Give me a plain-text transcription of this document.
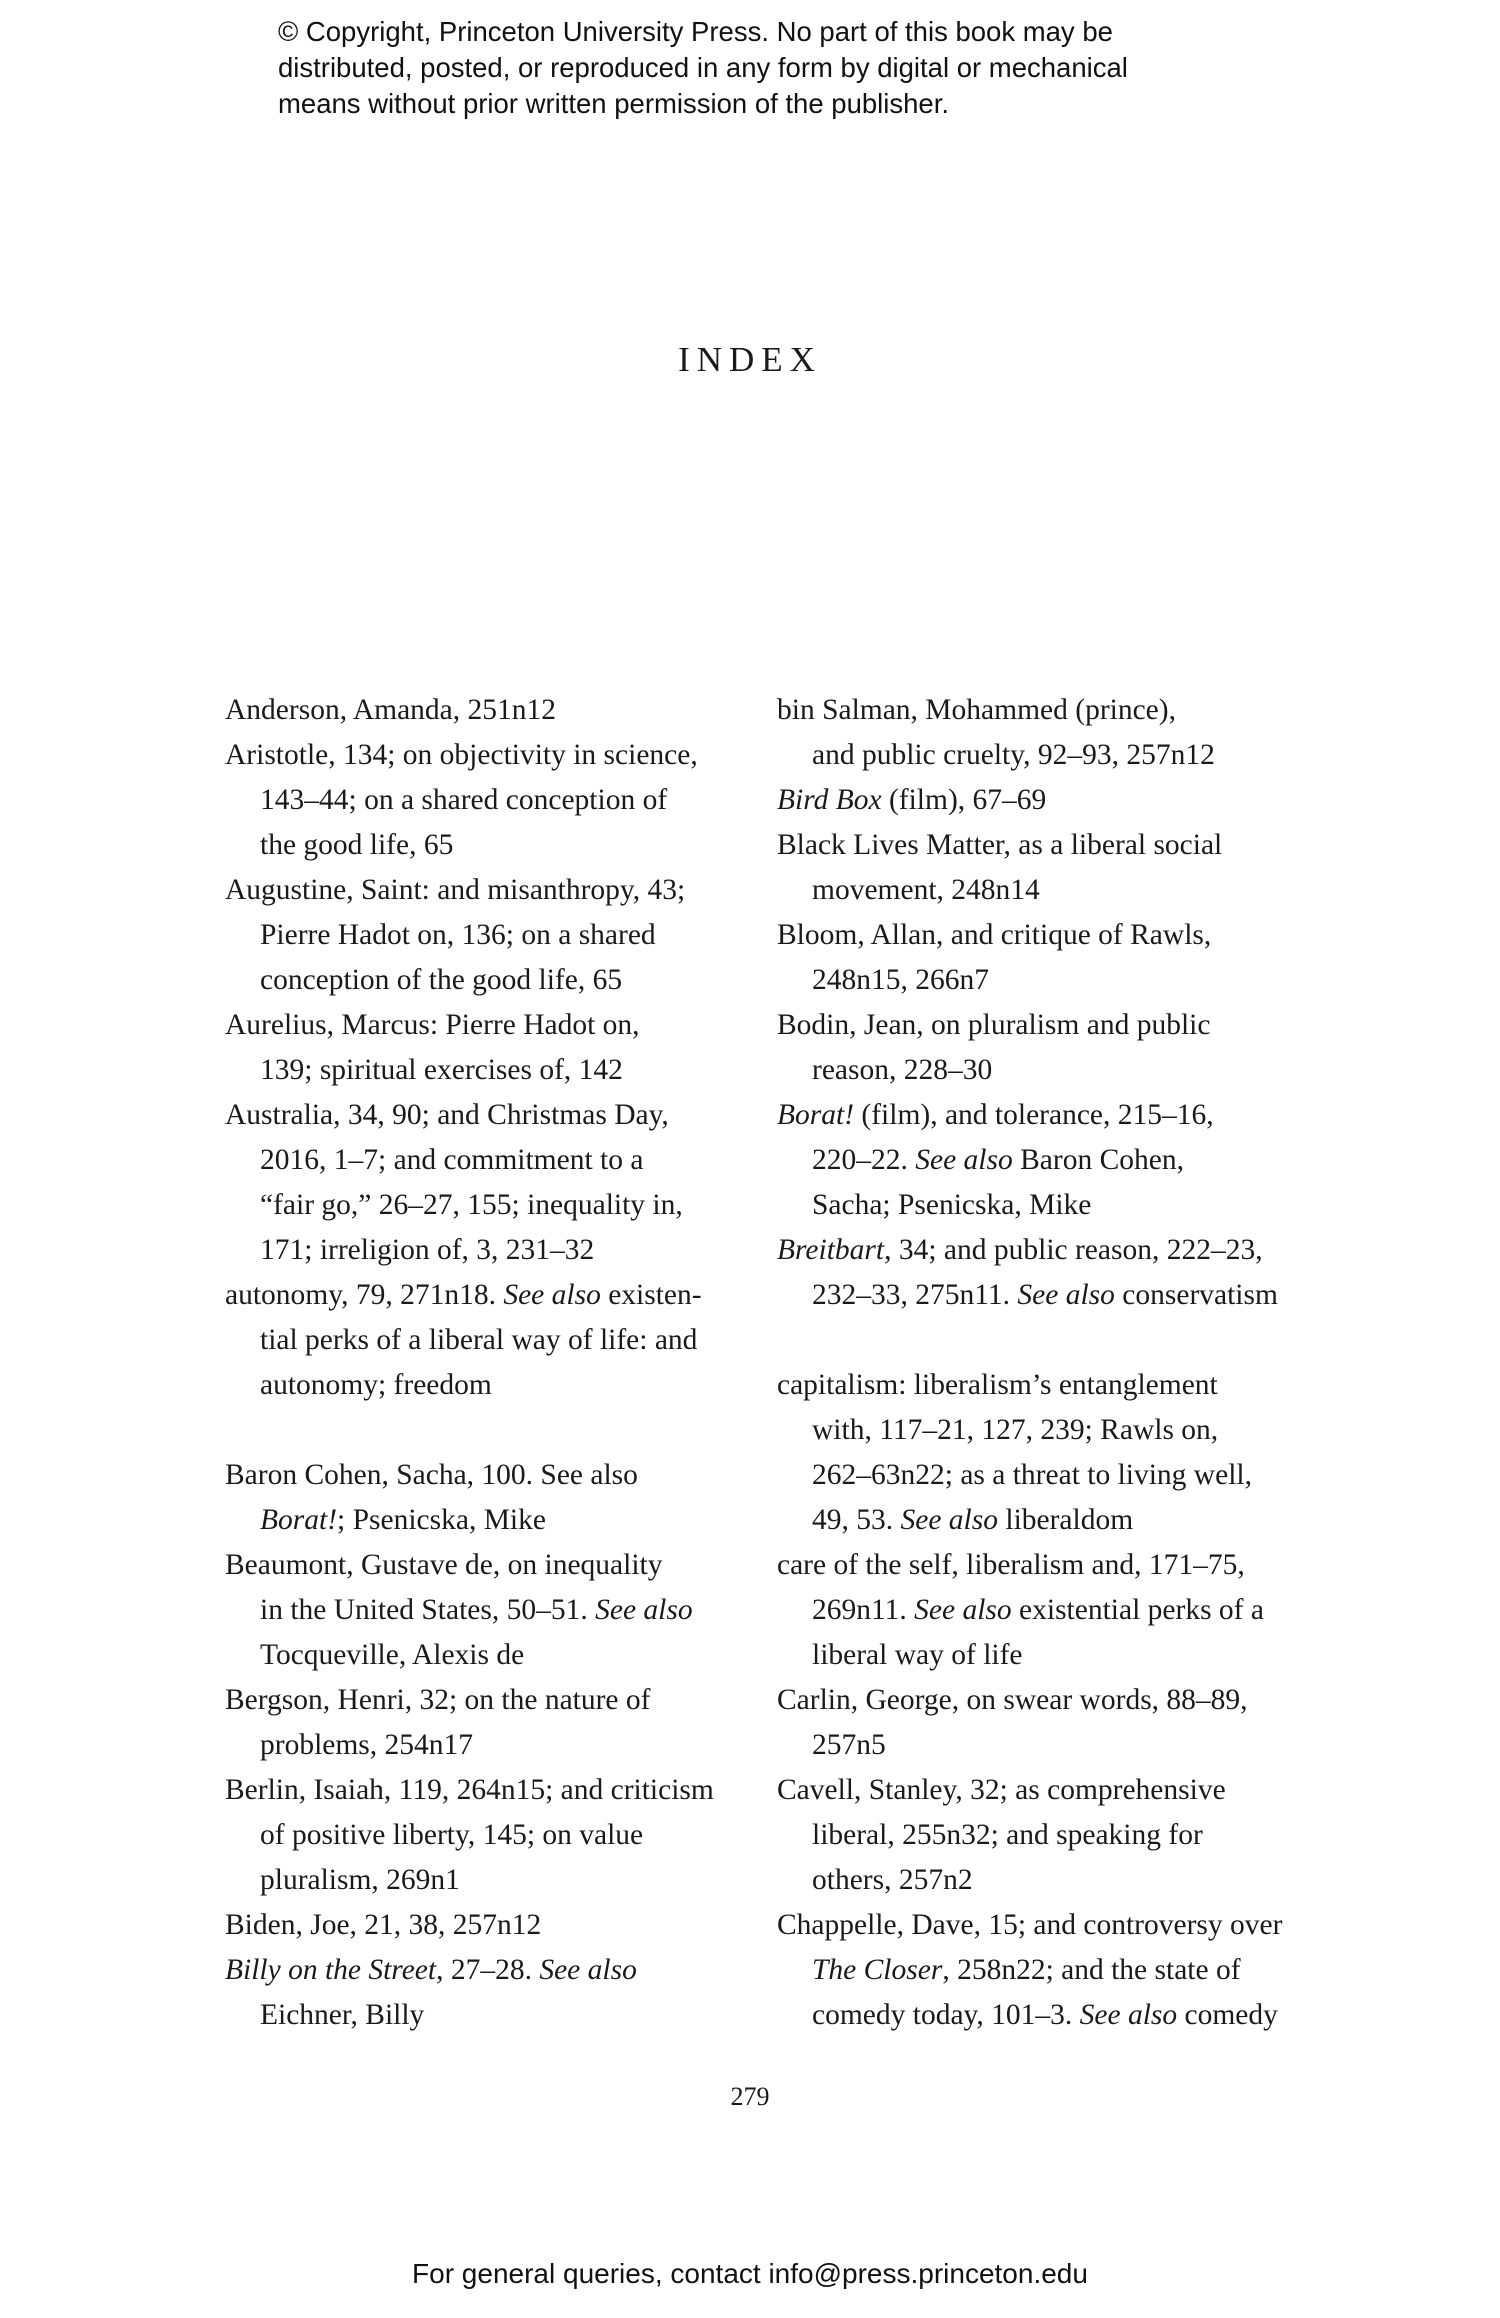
© Copyright, Princeton University Press. No part of this book may be
distributed, posted, or reproduced in any form by digital or mechanical
means without prior written permission of the publisher.
INDEX
Anderson, Amanda, 251n12
Aristotle, 134; on objectivity in science,
143–44; on a shared conception of
the good life, 65
Augustine, Saint: and misanthropy, 43;
Pierre Hadot on, 136; on a shared
conception of the good life, 65
Aurelius, Marcus: Pierre Hadot on,
139; spiritual exercises of, 142
Australia, 34, 90; and Christmas Day,
2016, 1–7; and commitment to a
“fair go,” 26–27, 155; inequality in,
171; irreligion of, 3, 231–32
autonomy, 79, 271n18. See also existen-
tial perks of a liberal way of life: and
autonomy; freedom
Baron Cohen, Sacha, 100. See also
Borat!; Psenicska, Mike
Beaumont, Gustave de, on inequality
in the United States, 50–51. See also
Tocqueville, Alexis de
Bergson, Henri, 32; on the nature of
problems, 254n17
Berlin, Isaiah, 119, 264n15; and criticism
of positive liberty, 145; on value
pluralism, 269n1
Biden, Joe, 21, 38, 257n12
Billy on the Street, 27–28. See also
Eichner, Billy
bin Salman, Mohammed (prince),
and public cruelty, 92–93, 257n12
Bird Box (film), 67–69
Black Lives Matter, as a liberal social
movement, 248n14
Bloom, Allan, and critique of Rawls,
248n15, 266n7
Bodin, Jean, on pluralism and public
reason, 228–30
Borat! (film), and tolerance, 215–16,
220–22. See also Baron Cohen,
Sacha; Psenicska, Mike
Breitbart, 34; and public reason, 222–23,
232–33, 275n11. See also conservatism
capitalism: liberalism’s entanglement
with, 117–21, 127, 239; Rawls on,
262–63n22; as a threat to living well,
49, 53. See also liberaldom
care of the self, liberalism and, 171–75,
269n11. See also existential perks of a
liberal way of life
Carlin, George, on swear words, 88–89,
257n5
Cavell, Stanley, 32; as comprehensive
liberal, 255n32; and speaking for
others, 257n2
Chappelle, Dave, 15; and controversy over
The Closer, 258n22; and the state of
comedy today, 101–3. See also comedy
279
For general queries, contact info@press.princeton.edu
